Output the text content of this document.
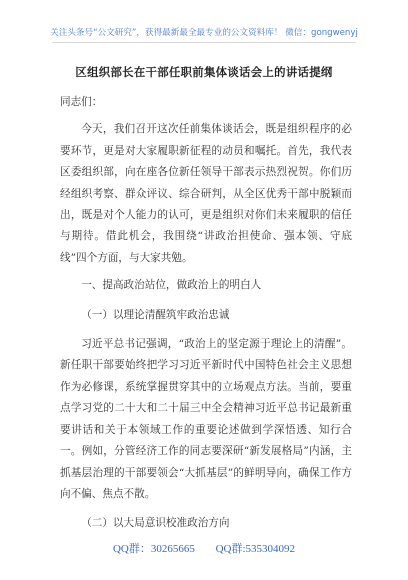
关注头条号“公文研究”，获得最新最全最专业的公文资料库！ 微信：gongwenyj
区组织部长在干部任职前集体谈话会上的讲话提纲

同志们：

今天，我们召开这次任前集体谈话会，既是组织程序的必要环节，更是对大家履职新征程的动员和嘱托。首先，我代表区委组织部，向在座各位新任领导干部表示热烈祝贺。你们历经组织考察、群众评议、综合研判，从全区优秀干部中脱颖而出，既是对个人能力的认可，更是组织对你们未来履职的信任与期待。借此机会，我围绕“讲政治担使命、强本领、守底线”四个方面，与大家共勉。

一、提高政治站位，做政治上的明白人

（一）以理论清醒筑牢政治忠诚

习近平总书记强调，“政治上的坚定源于理论上的清醒”。新任职干部要始终把学习习近平新时代中国特色社会主义思想作为必修课，系统掌握贯穿其中的立场观点方法。当前，要重点学习党的二十大和二十届三中全会精神习近平总书记最新重要讲话和关于本领域工作的重要论述做到学深悟透、知行合一。例如，分管经济工作的同志要深研“新发展格局”内涵，主抓基层治理的干部要领会“大抓基层”的鲜明导向，确保工作方向不偏、焦点不散。

（二）以大局意识校准政治方向

QQ群：30265665 QQ群:535304092
